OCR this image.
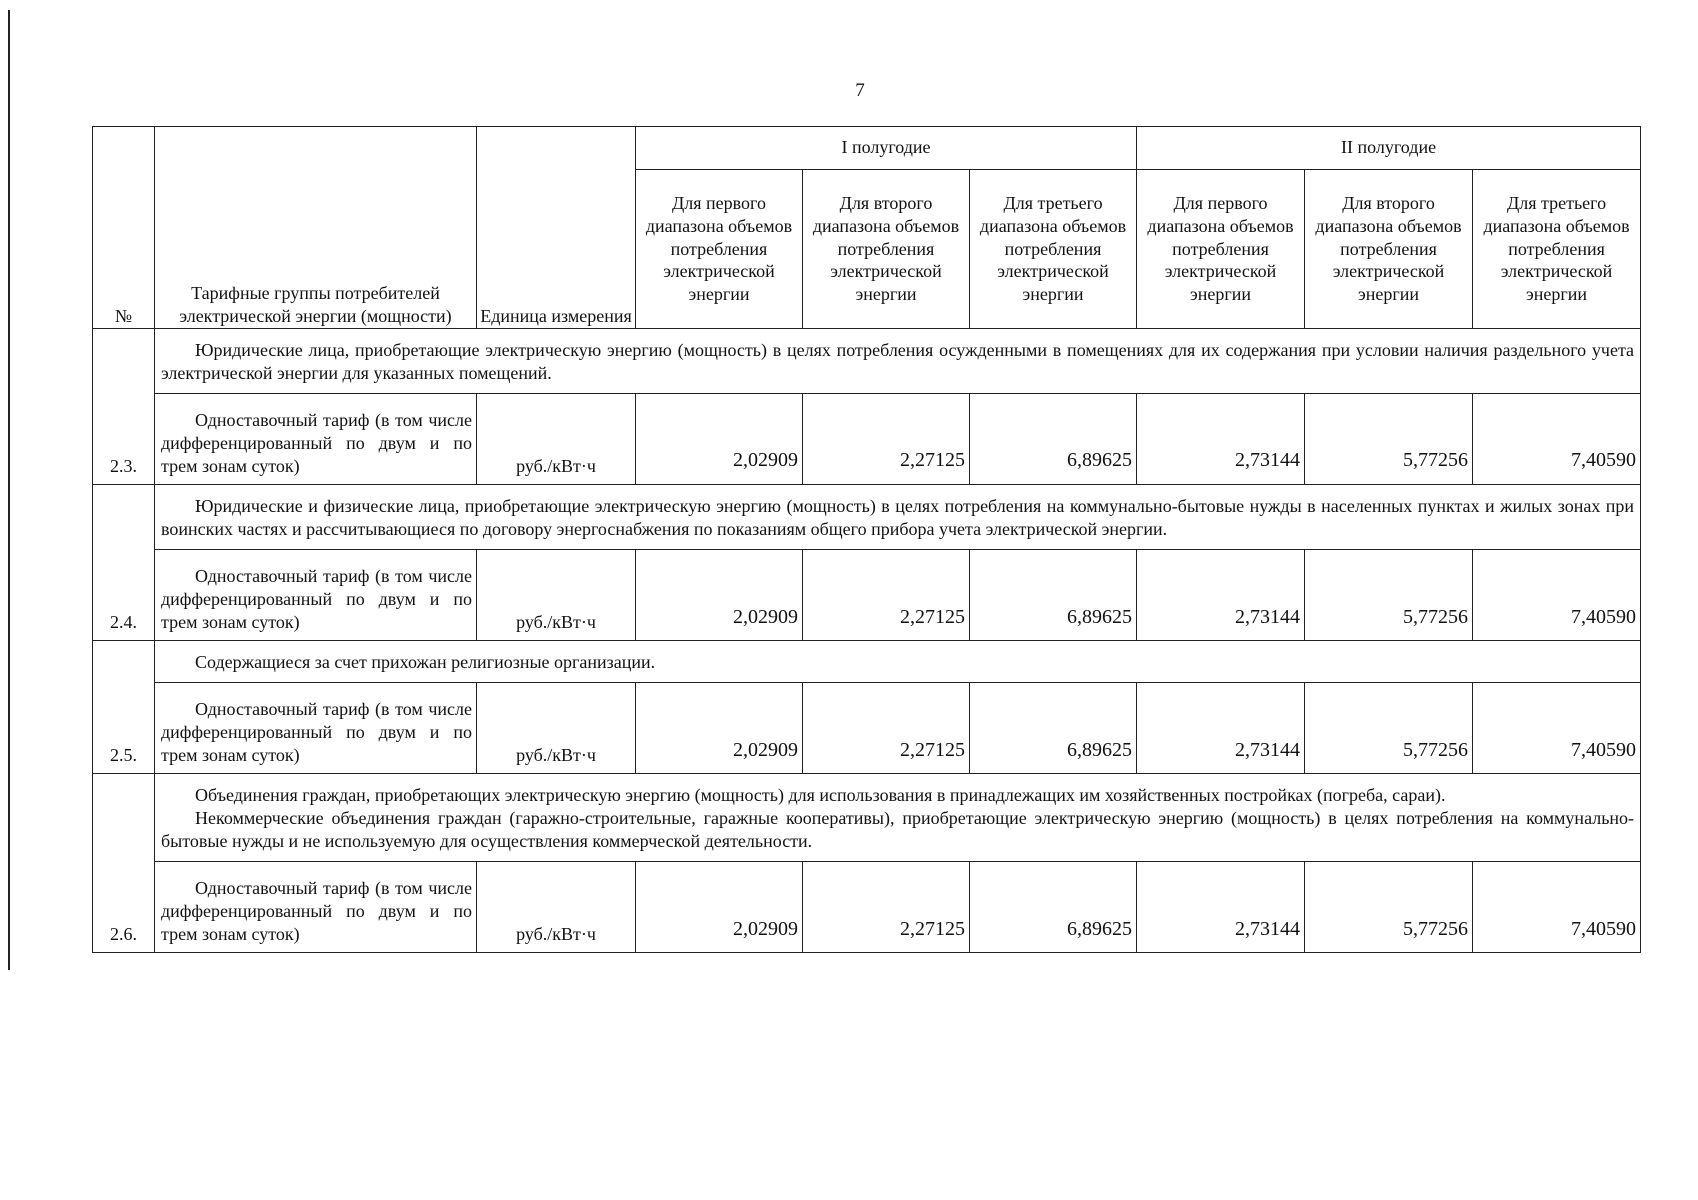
7
№	Тарифные группы потребителей электрической энергии (мощности)	Единица измерения	I полугодие			II полугодие		
			Для первого диапазона объемов потребления электрической энергии	Для второго диапазона объемов потребления электрической энергии	Для третьего диапазона объемов потребления электрической энергии	Для первого диапазона объемов потребления электрической энергии	Для второго диапазона объемов потребления электрической энергии	Для третьего диапазона объемов потребления электрической энергии
2.3.	Юридические лица, приобретающие электрическую энергию (мощность) в целях потребления осужденными в помещениях для их содержания при условии наличия раздельного учета электрической энергии для указанных помещений.							

	Одноставочный тариф (в том числе дифференцированный по двум и по трем зонам суток)	руб./кВт·ч	2,02909	2,27125	6,89625	2,73144	5,77256	7,40590
2.4.	Юридические и физические лица, приобретающие электрическую энергию (мощность) в целях потребления на коммунально-бытовые нужды в населенных пунктах и жилых зонах при воинских частях и рассчитывающиеся по договору энергоснабжения по показаниям общего прибора учета электрической энергии.							

	Одноставочный тариф (в том числе дифференцированный по двум и по трем зонам суток)	руб./кВт·ч	2,02909	2,27125	6,89625	2,73144	5,77256	7,40590
2.5.	Содержащиеся за счет прихожан религиозные организации.							

	Одноставочный тариф (в том числе дифференцированный по двум и по трем зонам суток)	руб./кВт·ч	2,02909	2,27125	6,89625	2,73144	5,77256	7,40590
2.6.	Объединения граждан, приобретающих электрическую энергию (мощность) для использования в принадлежащих им хозяйственных постройках (погреба, сараи).
Некоммерческие объединения граждан (гаражно-строительные, гаражные кооперативы), приобретающие электрическую энергию (мощность) в целях потребления на коммунально-бытовые нужды и не используемую для осуществления коммерческой деятельности.							

	Одноставочный тариф (в том числе дифференцированный по двум и по трем зонам суток)	руб./кВт·ч	2,02909	2,27125	6,89625	2,73144	5,77256	7,40590
